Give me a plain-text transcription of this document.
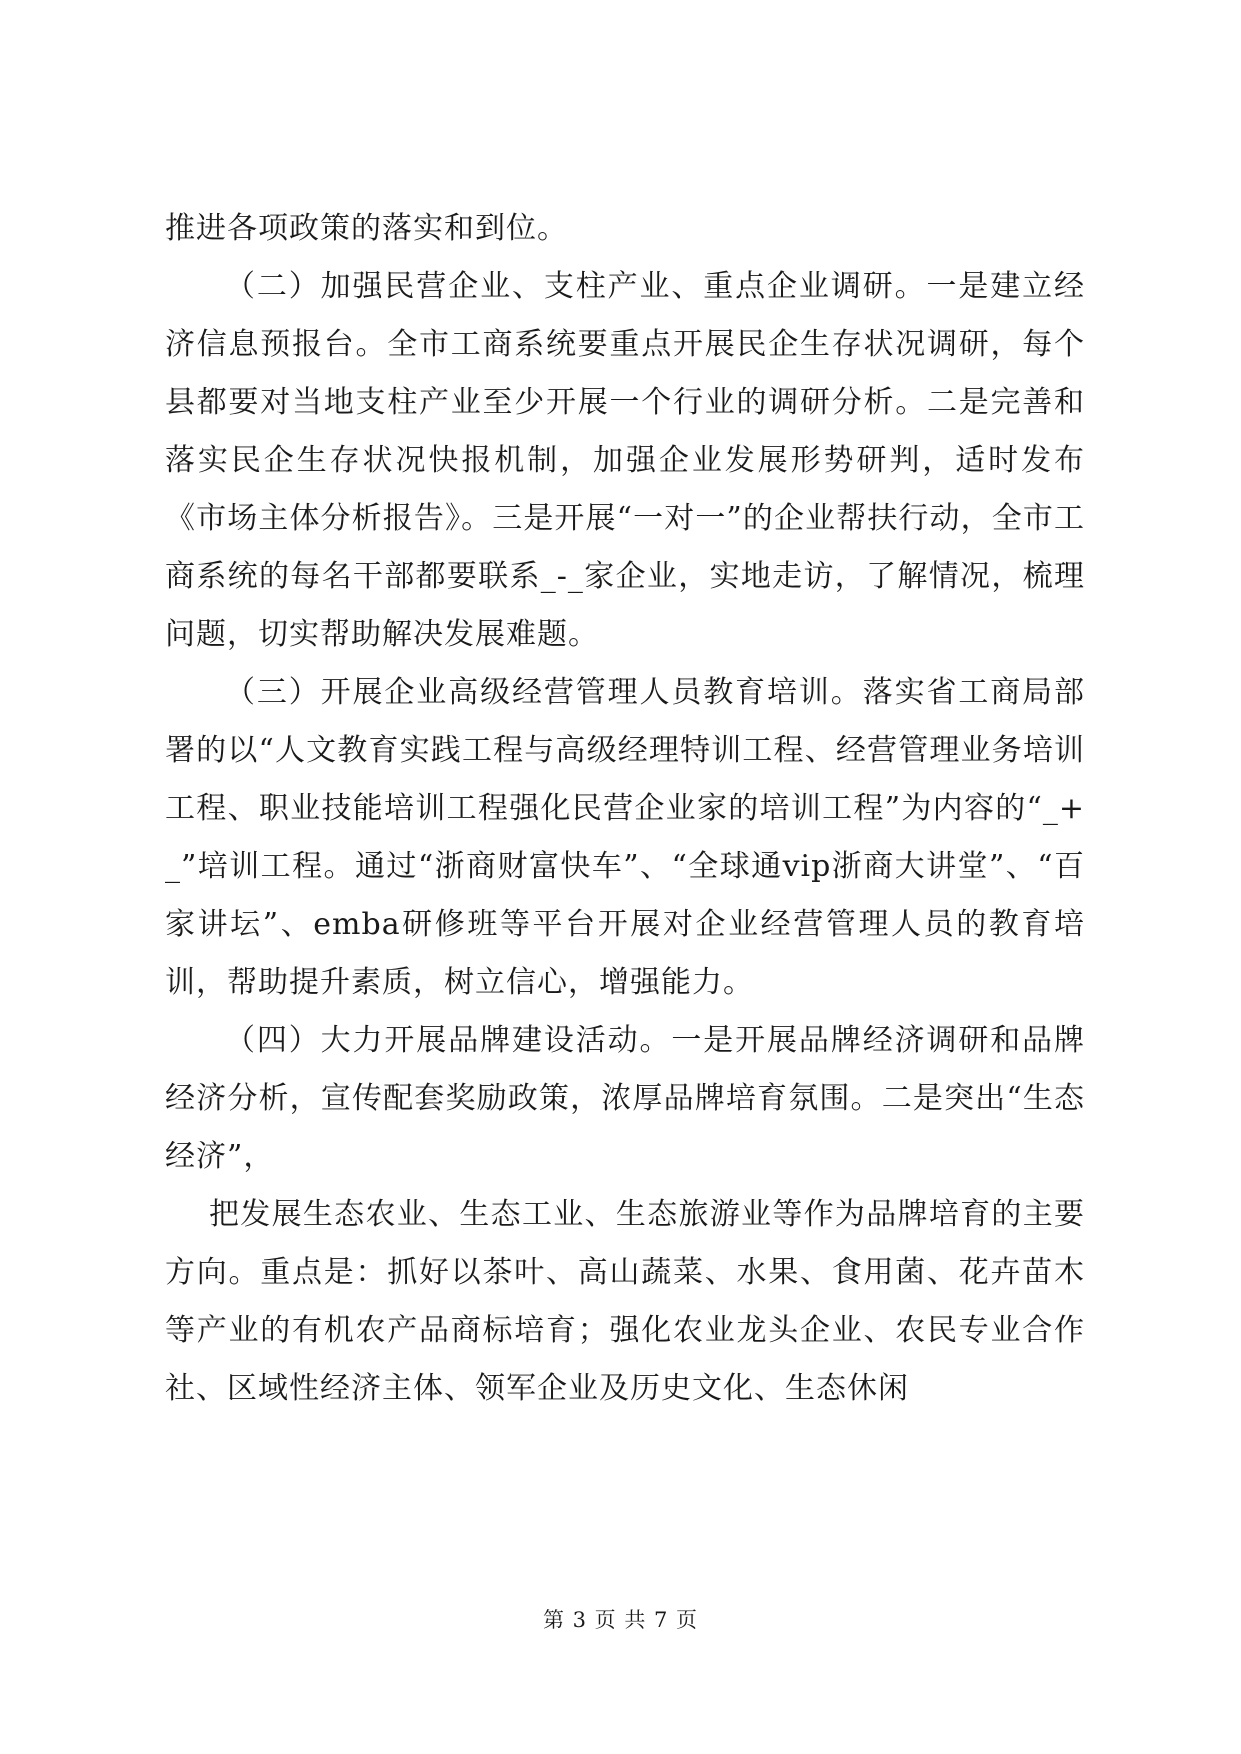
推进各项政策的落实和到位。

（二）加强民营企业、支柱产业、重点企业调研。一是建立经济信息预报台。全市工商系统要重点开展民企生存状况调研，每个县都要对当地支柱产业至少开展一个行业的调研分析。二是完善和落实民企生存状况快报机制，加强企业发展形势研判，适时发布《市场主体分析报告》。三是开展“一对一”的企业帮扶行动，全市工商系统的每名干部都要联系_-_家企业，实地走访，了解情况，梳理问题，切实帮助解决发展难题。

（三）开展企业高级经营管理人员教育培训。落实省工商局部署的以“人文教育实践工程与高级经理特训工程、经营管理业务培训工程、职业技能培训工程强化民营企业家的培训工程”为内容的“_+_”培训工程。通过“浙商财富快车”、“全球通vip浙商大讲堂”、“百家讲坛”、emba研修班等平台开展对企业经营管理人员的教育培训，帮助提升素质，树立信心，增强能力。

（四）大力开展品牌建设活动。一是开展品牌经济调研和品牌经济分析，宣传配套奖励政策，浓厚品牌培育氛围。二是突出“生态经济”，

把发展生态农业、生态工业、生态旅游业等作为品牌培育的主要方向。重点是：抓好以茶叶、高山蔬菜、水果、食用菌、花卉苗木等产业的有机农产品商标培育；强化农业龙头企业、农民专业合作社、区域性经济主体、领军企业及历史文化、生态休闲

第 3 页 共 7 页
